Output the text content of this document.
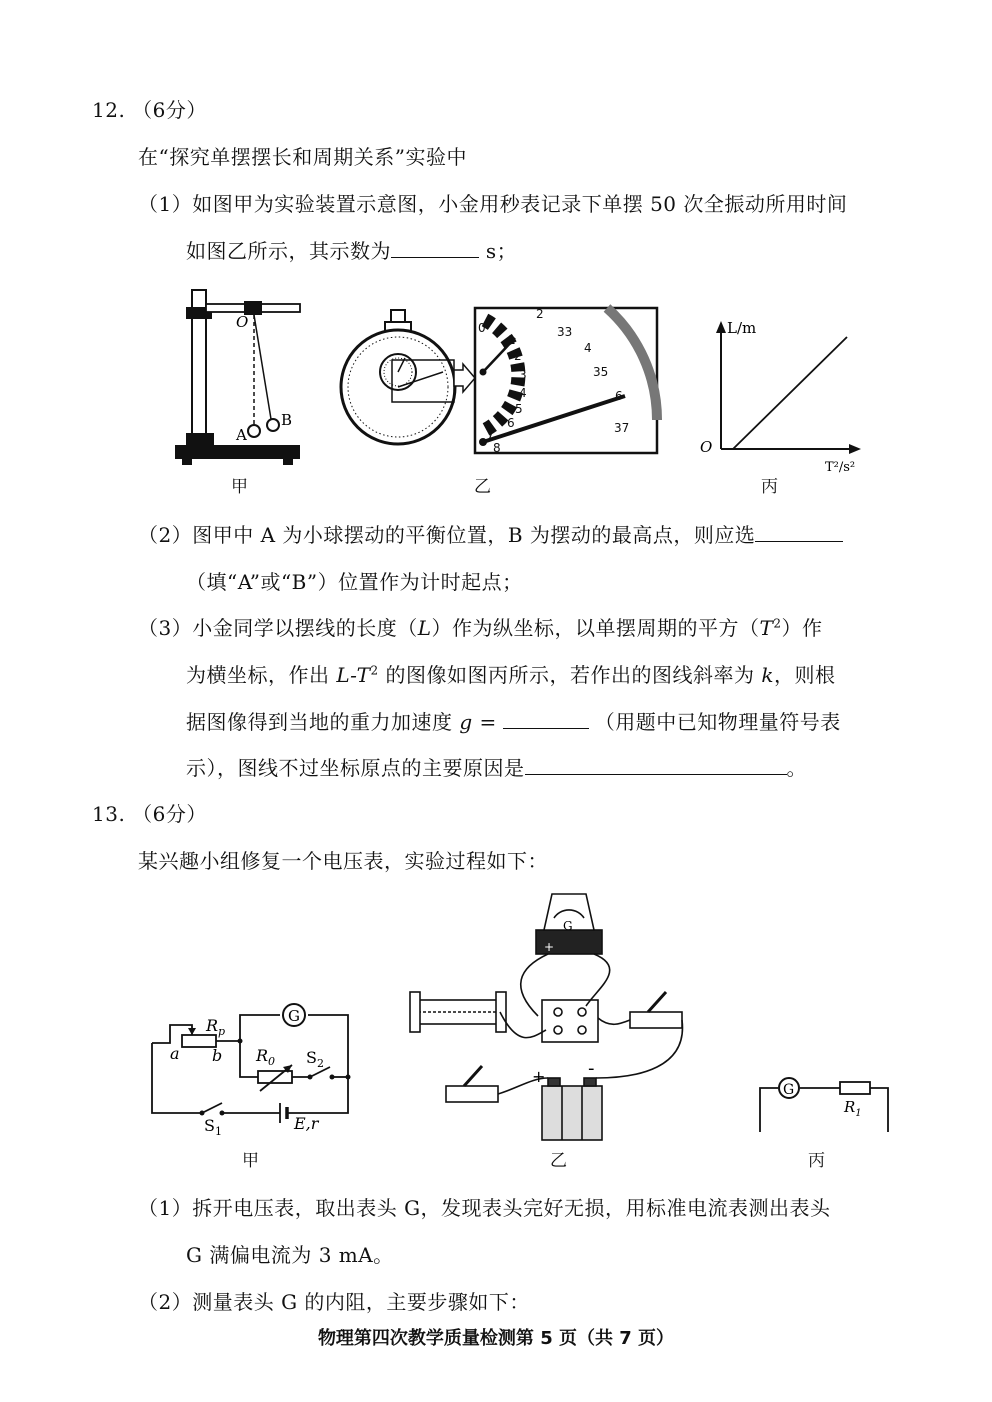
12. （6分）
在“探究单摆摆长和周期关系”实验中
（1）如图甲为实验装置示意图，小金用秒表记录下单摆 50 次全振动所用时间
如图乙所示，其示数为	s；
O
A
B
甲
0
1
2
3
4
5
6
7
8
2
33
4
35
6
37
乙
L/m
O
T²/s²
丙
（2）图甲中 A 为小球摆动的平衡位置，B 为摆动的最高点，则应选
（填“A”或“B”）位置作为计时起点；
（3）小金同学以摆线的长度（L）作为纵坐标，以单摆周期的平方$(T^2)$作
为横坐标，作出 $L-T^2$ 的图像如图丙所示，若作出的图线斜率为 k，则根
据图像得到当地的重力加速度 g =	（用题中已知物理量符号表
示），图线不过坐标原点的主要原因是	。
13. （6分）
某兴趣小组修复一个电压表，实验过程如下：
G
$R_p$
a b $R_0$ $S_2$
$S_1$	E,r
甲
G
+
+ -
乙
G
$R_1$
丙
（1）拆开电压表，取出表头 G，发现表头完好无损，用标准电流表测出表头
G 满偏电流为 3 mA。
（2）测量表头 G 的内阻，主要步骤如下：
物理第四次教学质量检测第 5 页（共 7 页）
